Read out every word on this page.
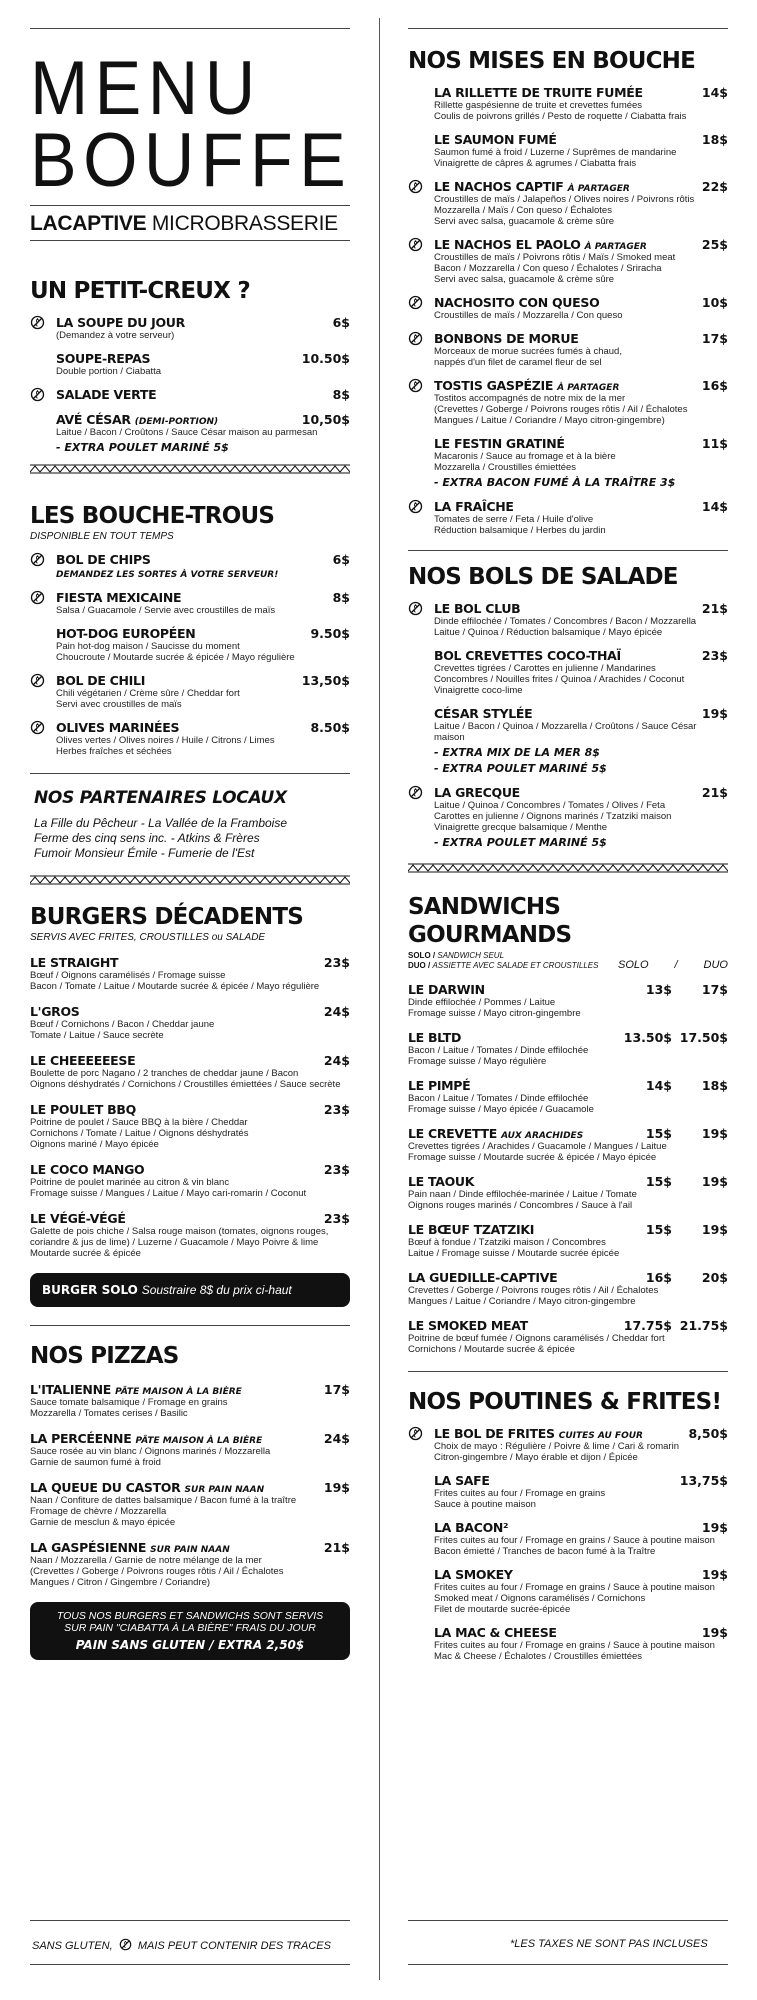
MENU
BOUFFE
LACAPTIVE MICROBRASSERIE
UN PETIT-CREUX ?
LA SOUPE DU JOUR	6$
(Demandez à votre serveur)
SOUPE-REPAS	10.50$
Double portion / Ciabatta
SALADE VERTE	8$
AVÉ CÉSAR (DEMI-PORTION)	10,50$
Laitue / Bacon / Croûtons / Sauce César maison au parmesan
- EXTRA POULET MARINÉ 5$
LES BOUCHE-TROUS
DISPONIBLE EN TOUT TEMPS
BOL DE CHIPS	6$
DEMANDEZ LES SORTES À VOTRE SERVEUR!
FIESTA MEXICAINE	8$
Salsa / Guacamole / Servie avec croustilles de maïs
HOT-DOG EUROPÉEN	9.50$
Pain hot-dog maison / Saucisse du moment
Choucroute / Moutarde sucrée & épicée / Mayo régulière
BOL DE CHILI	13,50$
Chili végétarien / Crème sûre / Cheddar fort
Servi avec croustilles de maïs
OLIVES MARINÉES	8.50$
Olives vertes / Olives noires / Huile / Citrons / Limes
Herbes fraîches et séchées
NOS PARTENAIRES LOCAUX
La Fille du Pêcheur - La Vallée de la Framboise
Ferme des cinq sens inc. - Atkins & Frères
Fumoir Monsieur Émile - Fumerie de l'Est
BURGERS DÉCADENTS
SERVIS AVEC FRITES, CROUSTILLES ou SALADE
LE STRAIGHT	23$
Bœuf / Oignons caramélisés / Fromage suisse
Bacon / Tomate / Laitue / Moutarde sucrée & épicée / Mayo régulière
L'GROS	24$
Bœuf / Cornichons / Bacon / Cheddar jaune
Tomate / Laitue / Sauce secrète
LE CHEEEEEESE	24$
Boulette de porc Nagano / 2 tranches de cheddar jaune / Bacon
Oignons déshydratés / Cornichons / Croustilles émiettées / Sauce secrète
LE POULET BBQ	23$
Poitrine de poulet / Sauce BBQ à la bière / Cheddar
Cornichons / Tomate / Laitue / Oignons déshydratés
Oignons mariné / Mayo épicée
LE COCO MANGO	23$
Poitrine de poulet marinée au citron & vin blanc
Fromage suisse / Mangues / Laitue / Mayo cari-romarin / Coconut
LE VÉGÉ-VÉGÉ	23$
Galette de pois chiche / Salsa rouge maison (tomates, oignons rouges,
coriandre & jus de lime) / Luzerne / Guacamole / Mayo Poivre & lime
Moutarde sucrée & épicée
BURGER SOLO Soustraire 8$ du prix ci-haut
NOS PIZZAS
L'ITALIENNE PÂTE MAISON À LA BIÈRE	17$
Sauce tomate balsamique / Fromage en grains
Mozzarella / Tomates cerises / Basilic
LA PERCÉENNE PÂTE MAISON À LA BIÈRE	24$
Sauce rosée au vin blanc / Oignons marinés / Mozzarella
Garnie de saumon fumé à froid
LA QUEUE DU CASTOR SUR PAIN NAAN	19$
Naan / Confiture de dattes balsamique / Bacon fumé à la traître
Fromage de chèvre / Mozzarella
Garnie de mesclun & mayo épicée
LA GASPÉSIENNE SUR PAIN NAAN	21$
Naan / Mozzarella / Garnie de notre mélange de la mer
(Crevettes / Goberge / Poivrons rouges rôtis / Ail / Échalotes
Mangues / Citron / Gingembre / Coriandre)
TOUS NOS BURGERS ET SANDWICHS SONT SERVIS
SUR PAIN "CIABATTA À LA BIÈRE" FRAIS DU JOUR
PAIN SANS GLUTEN / EXTRA 2,50$
NOS MISES EN BOUCHE
LA RILLETTE DE TRUITE FUMÉE	14$
Rillette gaspésienne de truite et crevettes fumées
Coulis de poivrons grillés / Pesto de roquette / Ciabatta frais
LE SAUMON FUMÉ	18$
Saumon fumé à froid / Luzerne / Suprêmes de mandarine
Vinaigrette de câpres & agrumes / Ciabatta frais
LE NACHOS CAPTIF À PARTAGER	22$
Croustilles de maïs / Jalapeños / Olives noires / Poivrons rôtis
Mozzarella / Maïs / Con queso / Échalotes
Servi avec salsa, guacamole & crème sûre
LE NACHOS EL PAOLO À PARTAGER	25$
Croustilles de maïs / Poivrons rôtis / Maïs / Smoked meat
Bacon / Mozzarella / Con queso / Échalotes / Sriracha
Servi avec salsa, guacamole & crème sûre
NACHOSITO CON QUESO	10$
Croustilles de maïs / Mozzarella / Con queso
BONBONS DE MORUE	17$
Morceaux de morue sucrées fumés à chaud,
nappés d'un filet de caramel fleur de sel
TOSTIS GASPÉZIE À PARTAGER	16$
Tostitos accompagnés de notre mix de la mer
(Crevettes / Goberge / Poivrons rouges rôtis / Ail / Échalotes
Mangues / Laitue / Coriandre / Mayo citron-gingembre)
LE FESTIN GRATINÉ	11$
Macaronis / Sauce au fromage et à la bière
Mozzarella / Croustilles émiettées
- EXTRA BACON FUMÉ À LA TRAÎTRE 3$
LA FRAÎCHE	14$
Tomates de serre / Feta / Huile d'olive
Réduction balsamique / Herbes du jardin
NOS BOLS DE SALADE
LE BOL CLUB	21$
Dinde effilochée / Tomates / Concombres / Bacon / Mozzarella
Laitue / Quinoa / Réduction balsamique / Mayo épicée
BOL CREVETTES COCO-THAÏ	23$
Crevettes tigrées / Carottes en julienne / Mandarines
Concombres / Nouilles frites / Quinoa / Arachides / Coconut
Vinaigrette coco-lime
CÉSAR STYLÉE	19$
Laitue / Bacon / Quinoa / Mozzarella / Croûtons / Sauce César maison
- EXTRA MIX DE LA MER 8$
- EXTRA POULET MARINÉ 5$
LA GRECQUE	21$
Laitue / Quinoa / Concombres / Tomates / Olives / Feta
Carottes en julienne / Oignons marinés / Tzatziki maison
Vinaigrette grecque balsamique / Menthe
- EXTRA POULET MARINÉ 5$
SANDWICHS GOURMANDS
SOLO / SANDWICH SEUL
DUO / ASSIETTE AVEC SALADE ET CROUSTILLES	SOLO / DUO
LE DARWIN	13$	17$
Dinde effilochée / Pommes / Laitue
Fromage suisse / Mayo citron-gingembre
LE BLTD	13.50$ 17.50$
Bacon / Laitue / Tomates / Dinde effilochée
Fromage suisse / Mayo régulière
LE PIMPÉ	14$	18$
Bacon / Laitue / Tomates / Dinde effilochée
Fromage suisse / Mayo épicée / Guacamole
LE CREVETTE AUX ARACHIDES	15$	19$
Crevettes tigrées / Arachides / Guacamole / Mangues / Laitue
Fromage suisse / Moutarde sucrée & épicée / Mayo épicée
LE TAOUK	15$	19$
Pain naan / Dinde effilochée-marinée / Laitue / Tomate
Oignons rouges marinés / Concombres / Sauce à l'ail
LE BŒUF TZATZIKI	15$	19$
Bœuf à fondue / Tzatziki maison / Concombres
Laitue / Fromage suisse / Moutarde sucrée épicée
LA GUEDILLE-CAPTIVE	16$	20$
Crevettes / Goberge / Poivrons rouges rôtis / Ail / Échalotes
Mangues / Laitue / Coriandre / Mayo citron-gingembre
LE SMOKED MEAT	17.75$ 21.75$
Poitrine de bœuf fumée / Oignons caramélisés / Cheddar fort
Cornichons / Moutarde sucrée & épicée
NOS POUTINES & FRITES!
LE BOL DE FRITES CUITES AU FOUR	8,50$
Choix de mayo : Régulière / Poivre & lime / Cari & romarin
Citron-gingembre / Mayo érable et dijon / Épicée
LA SAFE	13,75$
Frites cuites au four / Fromage en grains
Sauce à poutine maison
LA BACON²	19$
Frites cuites au four / Fromage en grains / Sauce à poutine maison
Bacon émietté / Tranches de bacon fumé à la Traître
LA SMOKEY	19$
Frites cuites au four / Fromage en grains / Sauce à poutine maison
Smoked meat / Oignons caramélisés / Cornichons
Filet de moutarde sucrée-épicée
LA MAC & CHEESE	19$
Frites cuites au four / Fromage en grains / Sauce à poutine maison
Mac & Cheese / Échalotes / Croustilles émiettées
SANS GLUTEN, MAIS PEUT CONTENIR DES TRACES	*LES TAXES NE SONT PAS INCLUSES
